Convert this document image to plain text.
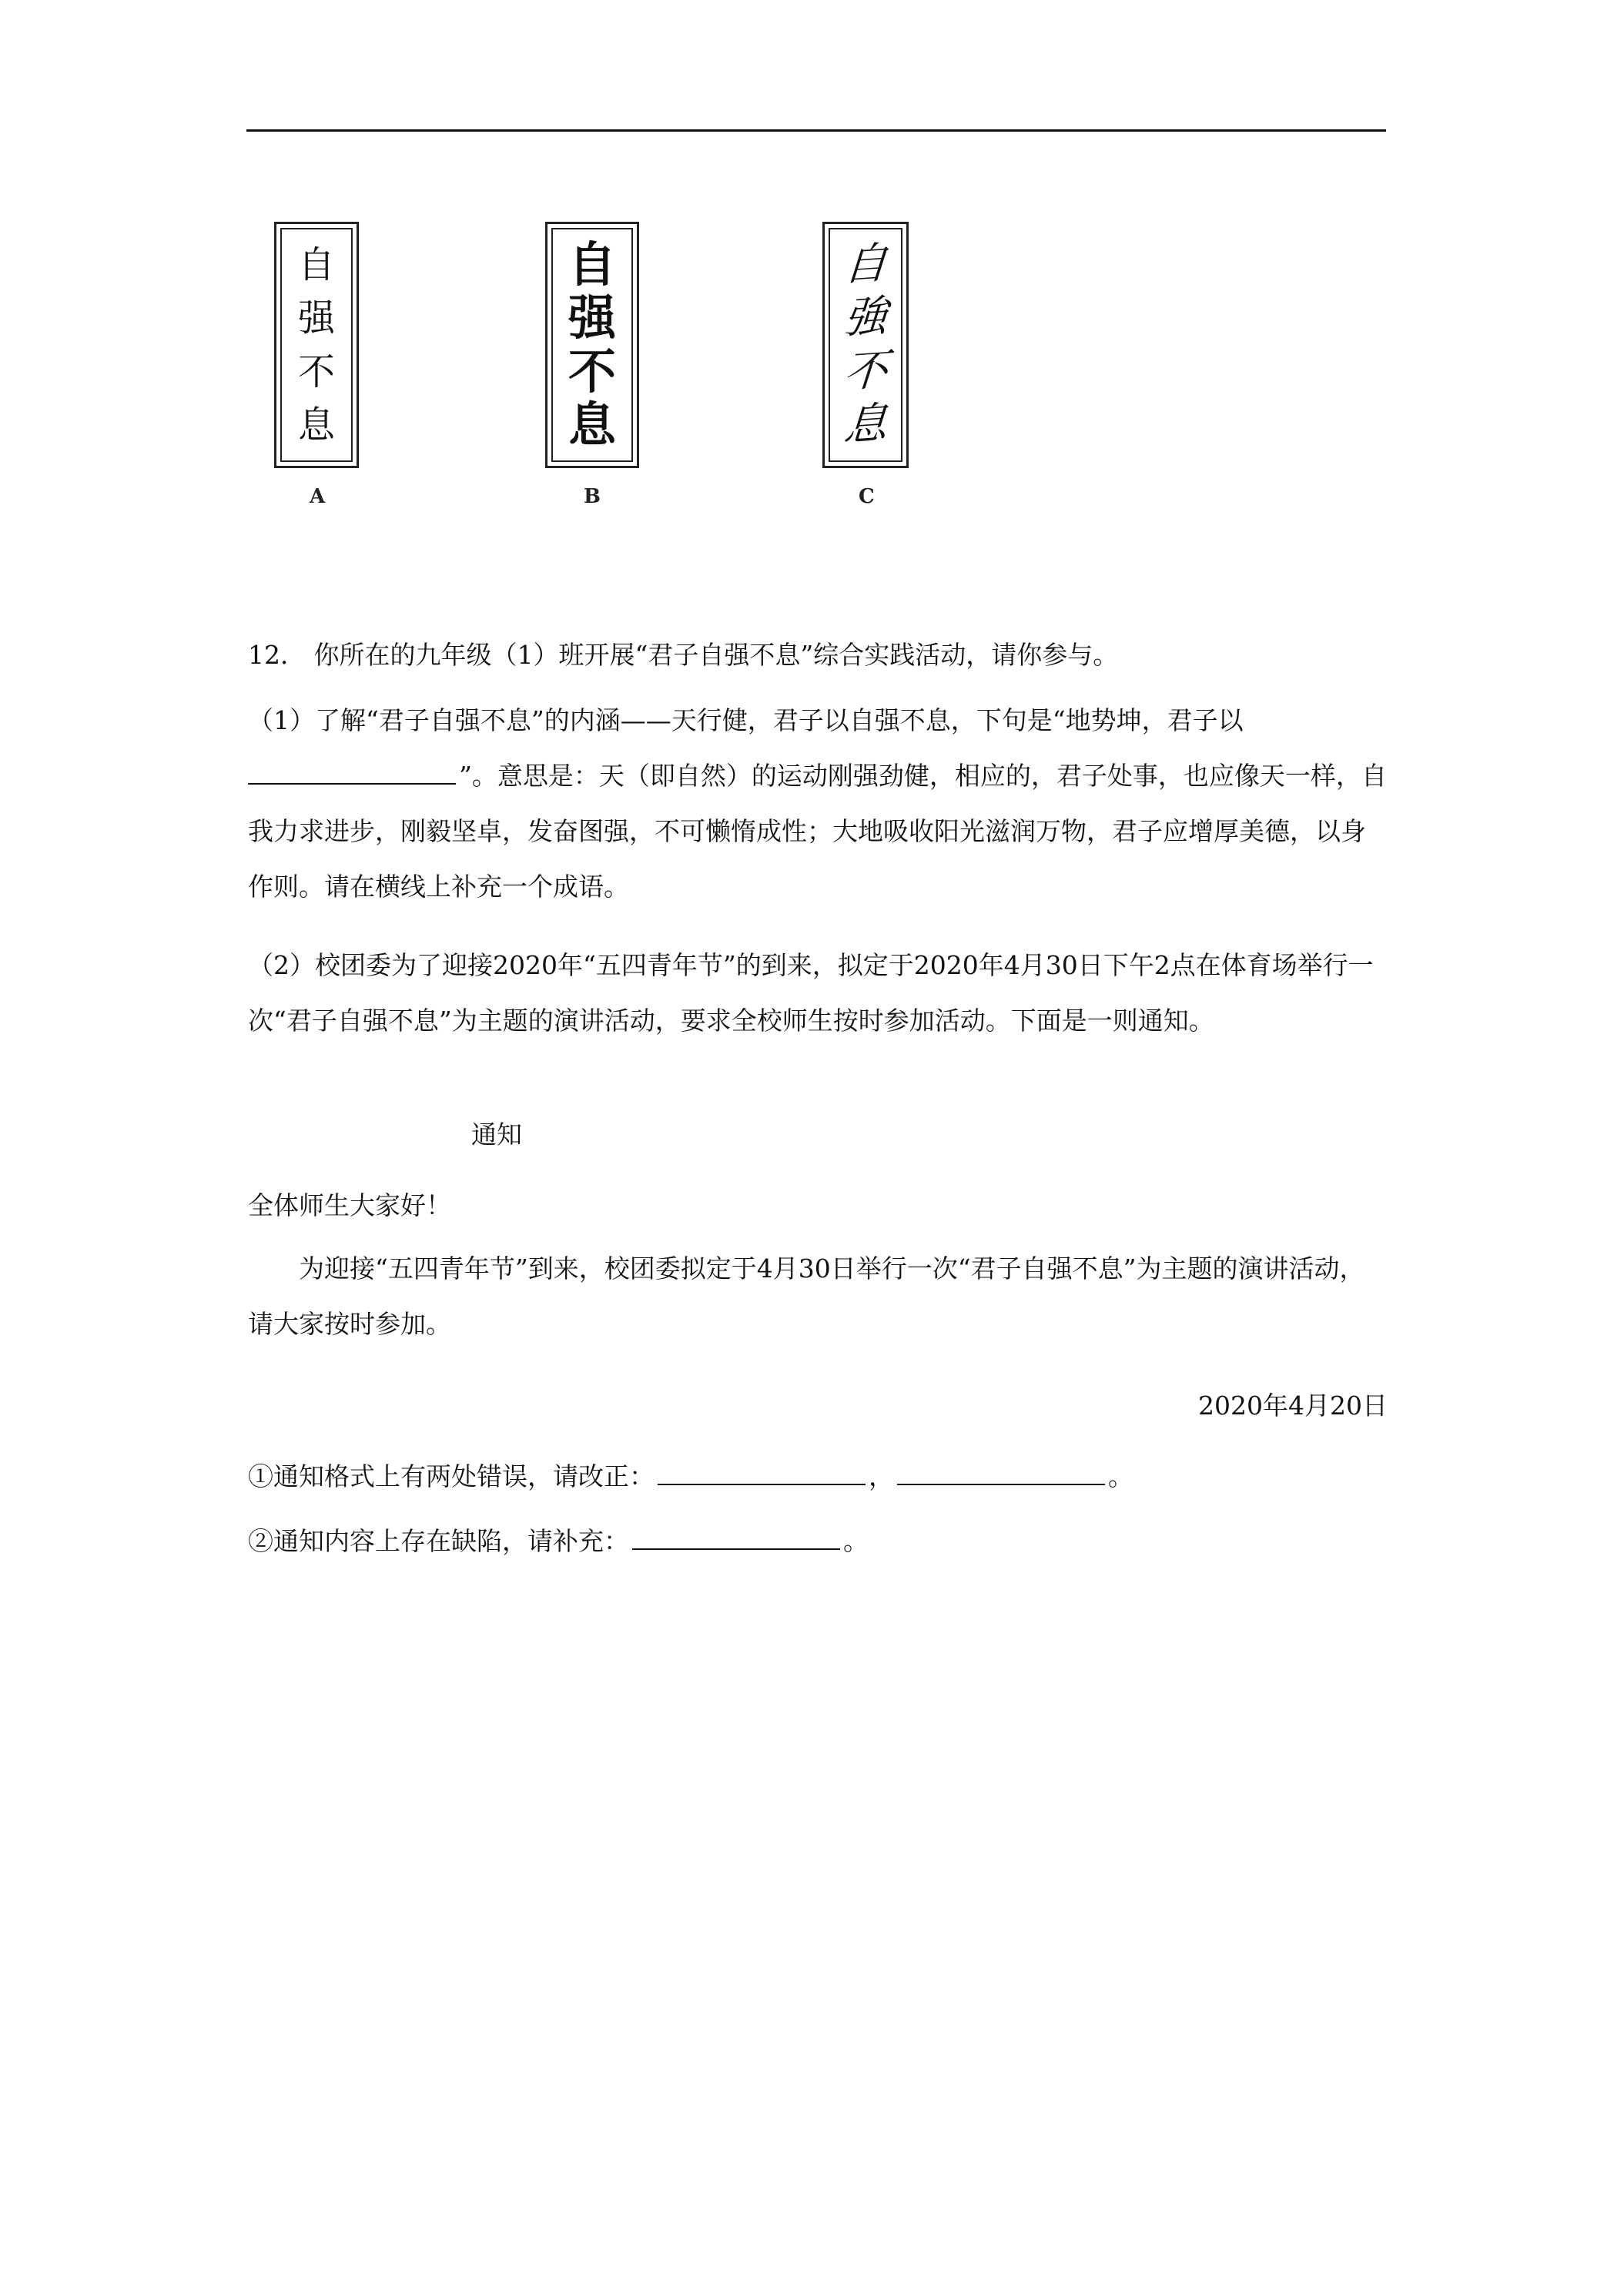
自
强
不
息
A
自
强
不
息
B
自
強
不
息
C
12． 你所在的九年级（1）班开展“君子自强不息”综合实践活动，请你参与。
（1）了解“君子自强不息”的内涵——天行健，君子以自强不息，下句是“地势坤，君子以”。意思是：天（即自然）的运动刚强劲健，相应的，君子处事，也应像天一样，自我力求进步，刚毅坚卓，发奋图强，不可懒惰成性；大地吸收阳光滋润万物，君子应增厚美德，以身作则。请在横线上补充一个成语。
（2）校团委为了迎接2020年“五四青年节”的到来，拟定于2020年4月30日下午2点在体育场举行一次“君子自强不息”为主题的演讲活动，要求全校师生按时参加活动。下面是一则通知。
通知
全体师生大家好！
为迎接“五四青年节”到来，校团委拟定于4月30日举行一次“君子自强不息”为主题的演讲活动，请大家按时参加。
2020年4月20日
①通知格式上有两处错误，请改正：	，	。
②通知内容上存在缺陷，请补充：	。
